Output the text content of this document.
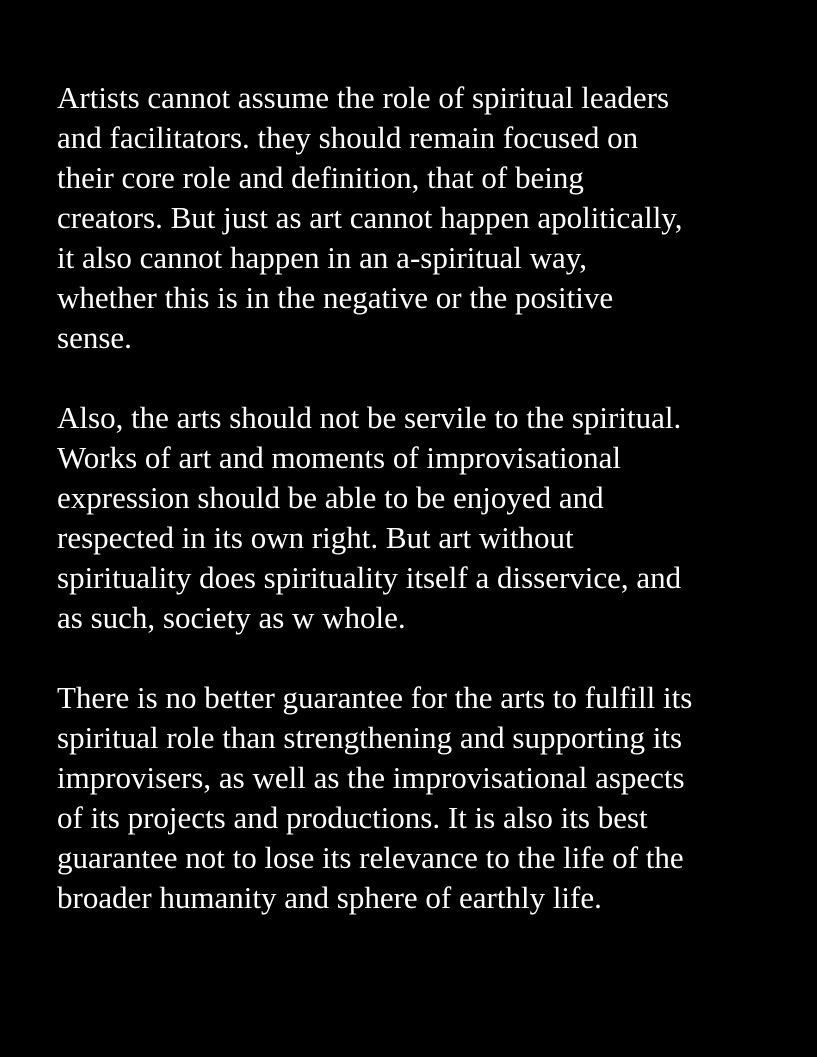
Artists cannot assume the role of spiritual leaders
and facilitators. they should remain focused on
their core role and definition, that of being
creators. But just as art cannot happen apolitically,
it also cannot happen in an a-spiritual way,
whether this is in the negative or the positive
sense.
Also, the arts should not be servile to the spiritual.
Works of art and moments of improvisational
expression should be able to be enjoyed and
respected in its own right. But art without
spirituality does spirituality itself a disservice, and
as such, society as w whole.
There is no better guarantee for the arts to fulfill its
spiritual role than strengthening and supporting its
improvisers, as well as the improvisational aspects
of its projects and productions. It is also its best
guarantee not to lose its relevance to the life of the
broader humanity and sphere of earthly life.
